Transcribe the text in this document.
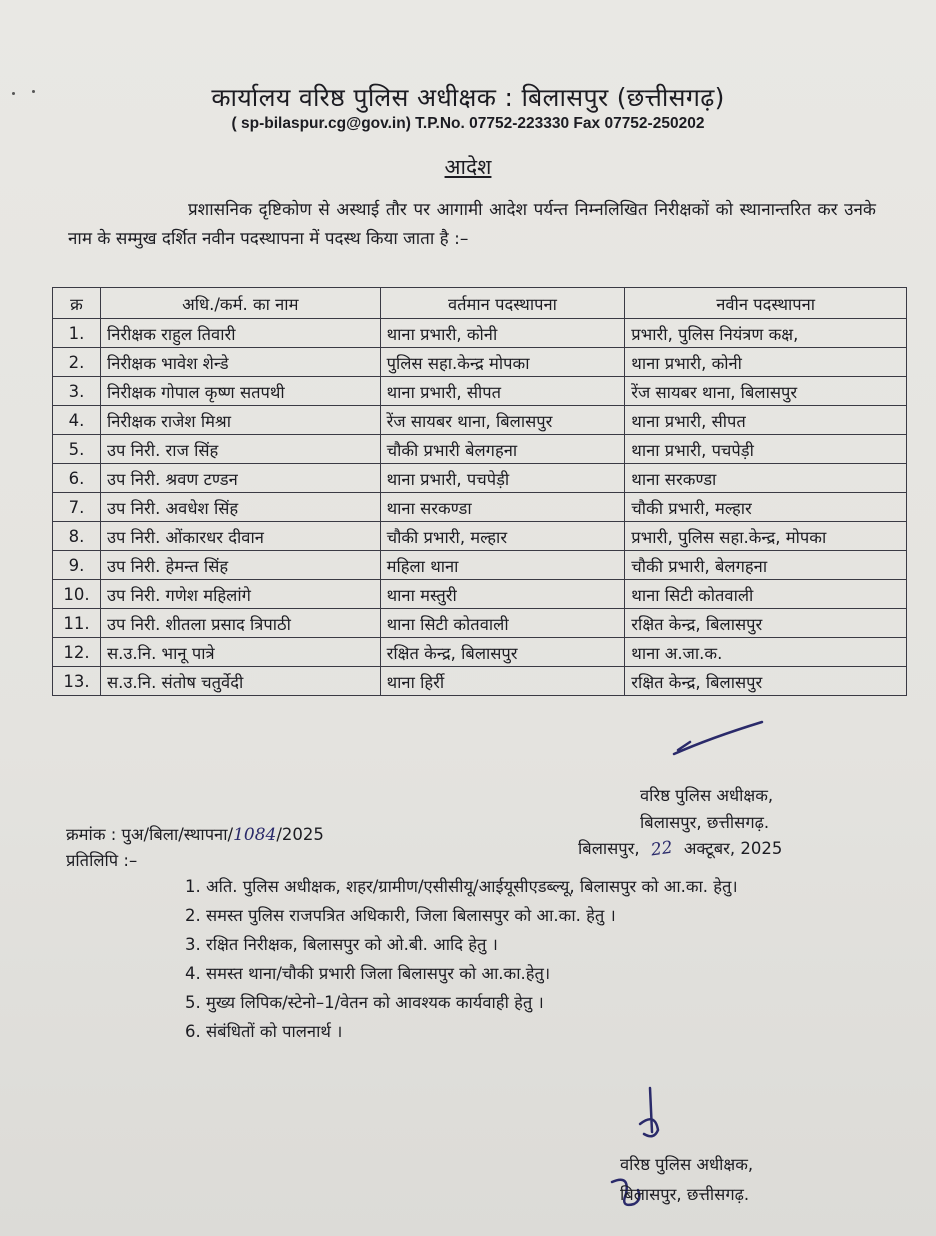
कार्यालय वरिष्ठ पुलिस अधीक्षक : बिलासपुर (छत्तीसगढ़)
( sp-bilaspur.cg@gov.in) T.P.No. 07752-223330 Fax 07752-250202
आदेश
प्रशासनिक दृष्टिकोण से अस्थाई तौर पर आगामी आदेश पर्यन्त निम्नलिखित निरीक्षकों को स्थानान्तरित कर उनके नाम के सम्मुख दर्शित नवीन पदस्थापना में पदस्थ किया जाता है :–
क्र	अधि./कर्म. का नाम	वर्तमान पदस्थापना	नवीन पदस्थापना
1.	निरीक्षक राहुल तिवारी	थाना प्रभारी, कोनी	प्रभारी, पुलिस नियंत्रण कक्ष,
2.	निरीक्षक भावेश शेन्डे	पुलिस सहा.केन्द्र मोपका	थाना प्रभारी, कोनी
3.	निरीक्षक गोपाल कृष्ण सतपथी	थाना प्रभारी, सीपत	रेंज सायबर थाना, बिलासपुर
4.	निरीक्षक राजेश मिश्रा	रेंज सायबर थाना, बिलासपुर	थाना प्रभारी, सीपत
5.	उप निरी. राज सिंह	चौकी प्रभारी बेलगहना	थाना प्रभारी, पचपेड़ी
6.	उप निरी. श्रवण टण्डन	थाना प्रभारी, पचपेड़ी	थाना सरकण्डा
7.	उप निरी. अवधेश सिंह	थाना सरकण्डा	चौकी प्रभारी, मल्हार
8.	उप निरी. ओंकारधर दीवान	चौकी प्रभारी, मल्हार	प्रभारी, पुलिस सहा.केन्द्र, मोपका
9.	उप निरी. हेमन्त सिंह	महिला थाना	चौकी प्रभारी, बेलगहना
10.	उप निरी. गणेश महिलांगे	थाना मस्तुरी	थाना सिटी कोतवाली
11.	उप निरी. शीतला प्रसाद त्रिपाठी	थाना सिटी कोतवाली	रक्षित केन्द्र, बिलासपुर
12.	स.उ.नि. भानू पात्रे	रक्षित केन्द्र, बिलासपुर	थाना अ.जा.क.
13.	स.उ.नि. संतोष चतुर्वेदी	थाना हिर्री	रक्षित केन्द्र, बिलासपुर
वरिष्ठ पुलिस अधीक्षक,
बिलासपुर, छत्तीसगढ़.
क्रमांक : पुअ/बिला/स्थापना/1084/2025
बिलासपुर, 22 अक्टूबर, 2025
प्रतिलिपि :–
1. अति. पुलिस अधीक्षक, शहर/ग्रामीण/एसीसीयू/आईयूसीएडब्ल्यू, बिलासपुर को आ.का. हेतु।
2. समस्त पुलिस राजपत्रित अधिकारी, जिला बिलासपुर को आ.का. हेतु ।
3. रक्षित निरीक्षक, बिलासपुर को ओ.बी. आदि हेतु ।
4. समस्त थाना/चौकी प्रभारी जिला बिलासपुर को आ.का.हेतु।
5. मुख्य लिपिक/स्टेनो–1/वेतन को आवश्यक कार्यवाही हेतु ।
6. संबंधितों को पालनार्थ ।
वरिष्ठ पुलिस अधीक्षक,
बिलासपुर, छत्तीसगढ़.
